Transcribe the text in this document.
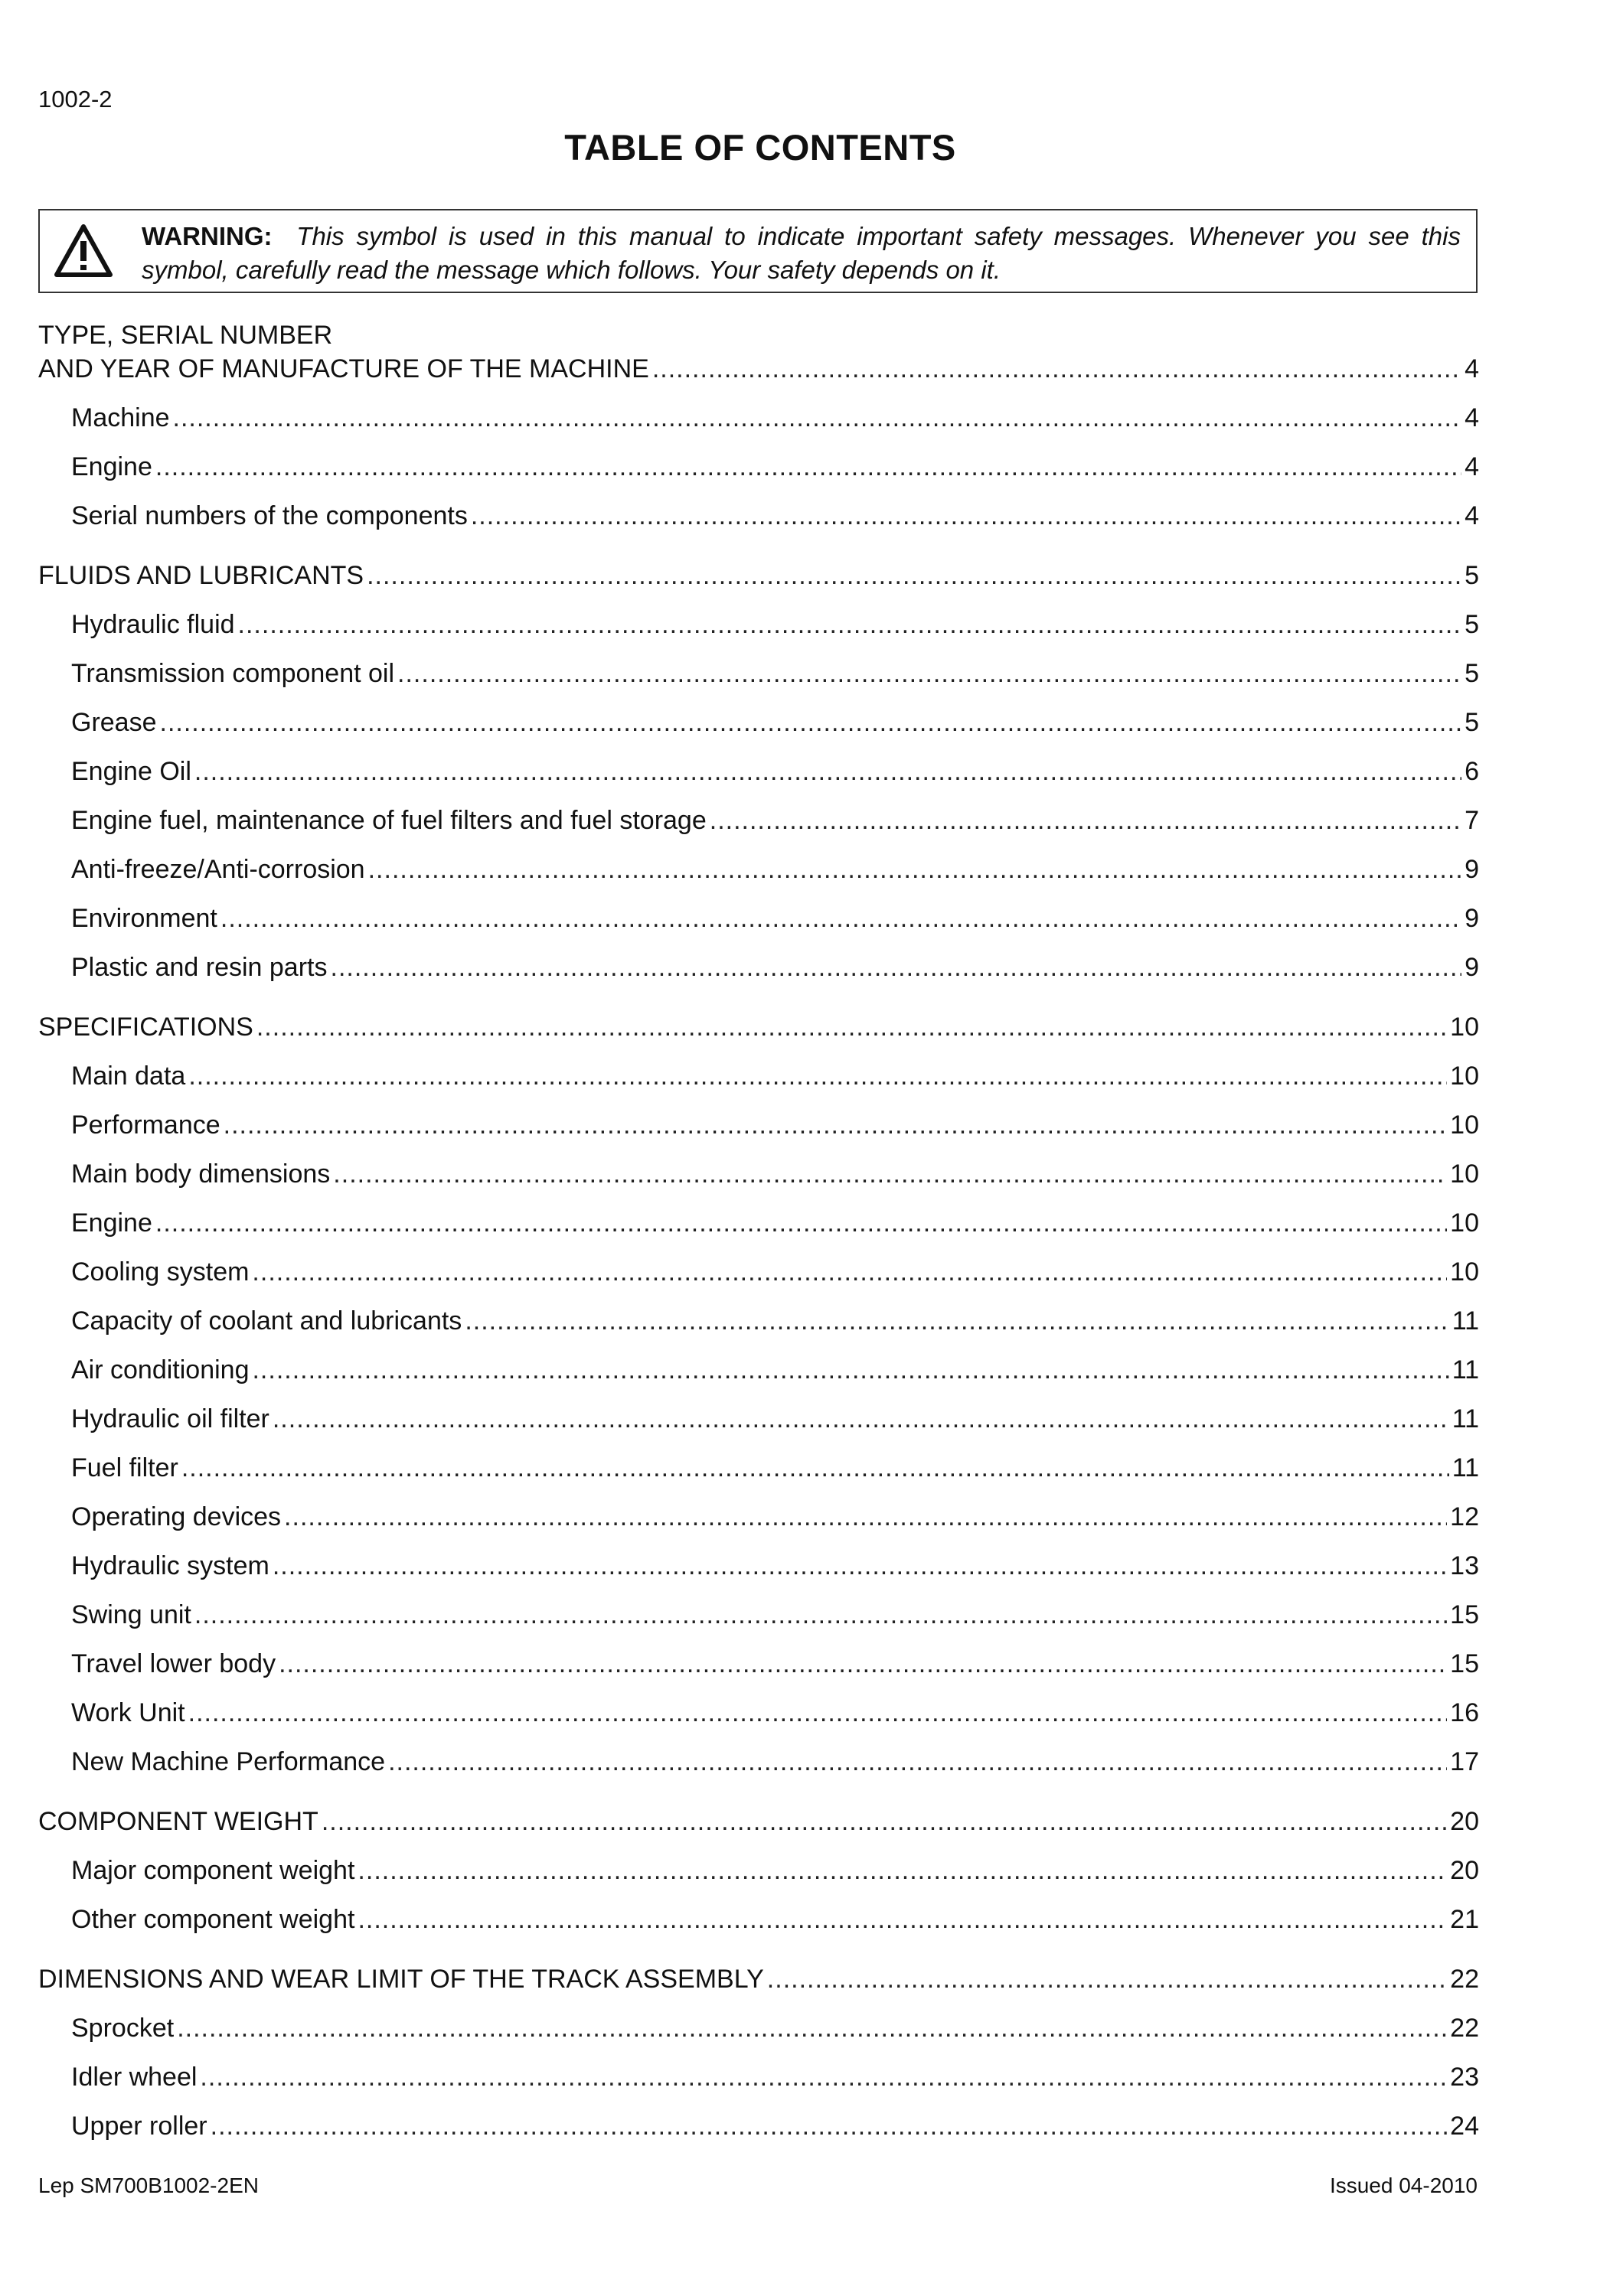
1002-2
TABLE OF CONTENTS
WARNING: This symbol is used in this manual to indicate important safety messages. Whenever you see this symbol, carefully read the message which follows. Your safety depends on it.
TYPE, SERIAL NUMBER
AND YEAR OF MANUFACTURE OF THE MACHINE .....	4
Machine .....	4
Engine .....	4
Serial numbers of the components .....	4
FLUIDS AND LUBRICANTS .....	5
Hydraulic fluid .....	5
Transmission component oil .....	5
Grease .....	5
Engine Oil .....	6
Engine fuel, maintenance of fuel filters and fuel storage .....	7
Anti-freeze/Anti-corrosion .....	9
Environment .....	9
Plastic and resin parts .....	9
SPECIFICATIONS .....	10
Main data .....	10
Performance .....	10
Main body dimensions .....	10
Engine .....	10
Cooling system .....	10
Capacity of coolant and lubricants .....	11
Air conditioning .....	11
Hydraulic oil filter .....	11
Fuel filter .....	11
Operating devices .....	12
Hydraulic system .....	13
Swing unit .....	15
Travel lower body .....	15
Work Unit .....	16
New Machine Performance .....	17
COMPONENT WEIGHT .....	20
Major component weight .....	20
Other component weight .....	21
DIMENSIONS AND WEAR LIMIT OF THE TRACK ASSEMBLY .....	22
Sprocket .....	22
Idler wheel .....	23
Upper roller .....	24
Lep SM700B1002-2EN	Issued 04-2010
